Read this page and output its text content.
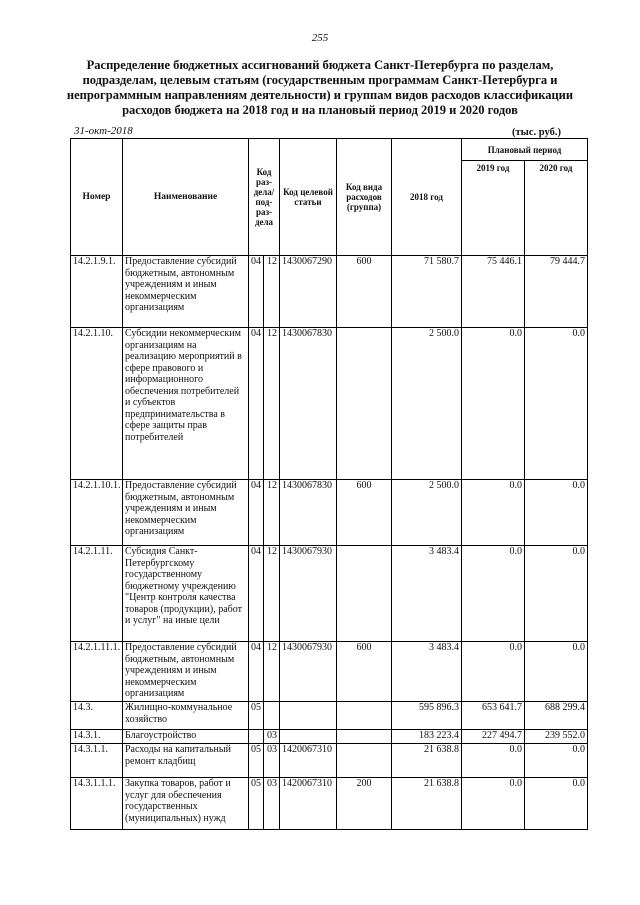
255
Распределение бюджетных ассигнований бюджета Санкт-Петербурга по разделам, подразделам, целевым статьям (государственным программам Санкт-Петербурга и непрограммным направлениям деятельности) и группам видов расходов классификации расходов бюджета на 2018 год и на плановый период 2019 и 2020 годов
31-окт-2018	(тыс. руб.)
Номер	Наименование	Код раз- дела/ под- раз- дела		Код целевой статьи	Код вида расходов (группа)	2018 год	Плановый период	
							2019 год	2020 год
14.2.1.9.1.	Предоставление субсидий бюджетным, автономным учреждениям и иным некоммерческим организациям	04	12	1430067290	600	71 580.7	75 446.1	79 444.7
14.2.1.10.	Субсидии некоммерческим организациям на реализацию мероприятий в сфере правового и информационного обеспечения потребителей и субъектов предпринимательства в сфере защиты прав потребителей	04	12	1430067830		2 500.0	0.0	0.0
14.2.1.10.1.	Предоставление субсидий бюджетным, автономным учреждениям и иным некоммерческим организациям	04	12	1430067830	600	2 500.0	0.0	0.0
14.2.1.11.	Субсидия Санкт-Петербургскому государственному бюджетному учреждению "Центр контроля качества товаров (продукции), работ и услуг" на иные цели	04	12	1430067930		3 483.4	0.0	0.0
14.2.1.11.1.	Предоставление субсидий бюджетным, автономным учреждениям и иным некоммерческим организациям	04	12	1430067930	600	3 483.4	0.0	0.0
14.3.	Жилищно-коммунальное хозяйство	05				595 896.3	653 641.7	688 299.4
14.3.1.	Благоустройство		03			183 223.4	227 494.7	239 552.0
14.3.1.1.	Расходы на капитальный ремонт кладбищ	05	03	1420067310		21 638.8	0.0	0.0
14.3.1.1.1.	Закупка товаров, работ и услуг для обеспечения государственных (муниципальных) нужд	05	03	1420067310	200	21 638.8	0.0	0.0
